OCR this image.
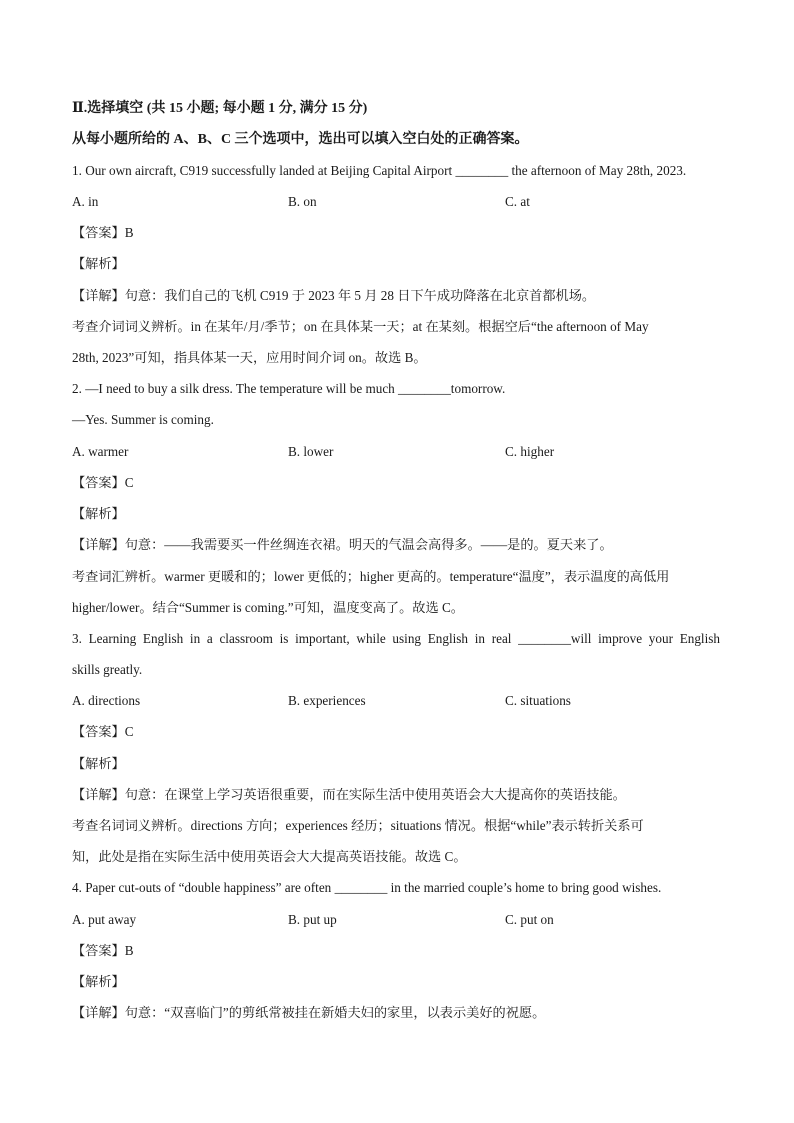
Ⅱ.选择填空 (共 15 小题; 每小题 1 分, 满分 15 分)
从每小题所给的 A、B、C 三个选项中，选出可以填入空白处的正确答案。
1. Our own aircraft, C919 successfully landed at Beijing Capital Airport ________ the afternoon of May 28th, 2023.
A. in	B. on	C. at
【答案】B
【解析】
【详解】句意：我们自己的飞机 C919 于 2023 年 5 月 28 日下午成功降落在北京首都机场。
考查介词词义辨析。in 在某年/月/季节；on 在具体某一天；at 在某刻。根据空后“the afternoon of May
28th, 2023”可知，指具体某一天，应用时间介词 on。故选 B。
2. —I need to buy a silk dress. The temperature will be much ________tomorrow.
—Yes. Summer is coming.
A. warmer	B. lower	C. higher
【答案】C
【解析】
【详解】句意：——我需要买一件丝绸连衣裙。明天的气温会高得多。——是的。夏天来了。
考查词汇辨析。warmer 更暖和的；lower 更低的；higher 更高的。temperature“温度”，表示温度的高低用
higher/lower。结合“Summer is coming.”可知，温度变高了。故选 C。
3. Learning English in a classroom is important, while using English in real ________will improve your English
skills greatly.
A. directions	B. experiences	C. situations
【答案】C
【解析】
【详解】句意：在课堂上学习英语很重要，而在实际生活中使用英语会大大提高你的英语技能。
考查名词词义辨析。directions 方向；experiences 经历；situations 情况。根据“while”表示转折关系可
知，此处是指在实际生活中使用英语会大大提高英语技能。故选 C。
4. Paper cut-outs of “double happiness” are often ________ in the married couple’s home to bring good wishes.
A. put away	B. put up	C. put on
【答案】B
【解析】
【详解】句意：“双喜临门”的剪纸常被挂在新婚夫妇的家里，以表示美好的祝愿。
